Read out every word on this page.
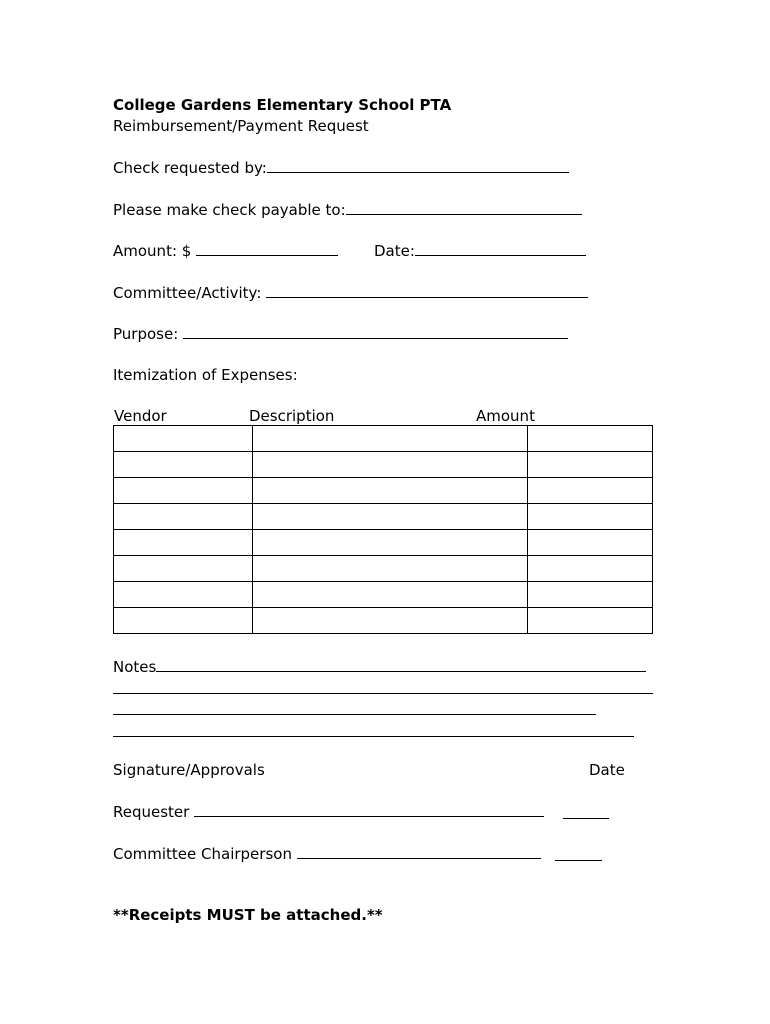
College Gardens Elementary School PTA
Reimbursement/Payment Request
Check requested by:
Please make check payable to:
Amount: $	Date:
Committee/Activity:
Purpose:
Itemization of Expenses:
Vendor	Description	Amount

Notes
Signature/Approvals	Date
Requester
Committee Chairperson
**Receipts MUST be attached.**
